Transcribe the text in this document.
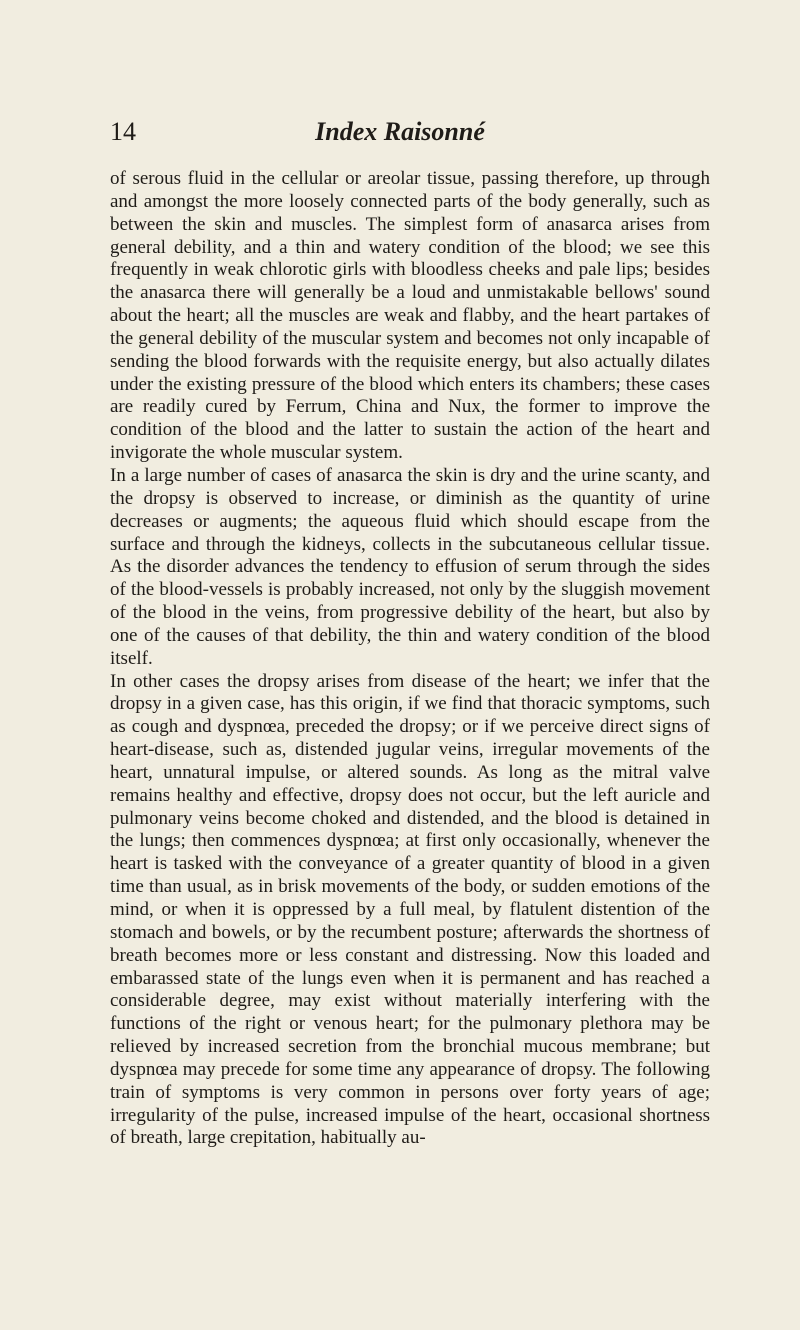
14	Index Raisonné

of serous fluid in the cellular or areolar tissue, passing therefore, up through and amongst the more loosely connected parts of the body generally, such as between the skin and muscles. The simplest form of anasarca arises from general debility, and a thin and watery condition of the blood; we see this frequently in weak chlorotic girls with bloodless cheeks and pale lips; besides the anasarca there will generally be a loud and unmistakable bellows' sound about the heart; all the muscles are weak and flabby, and the heart partakes of the general debility of the muscular system and becomes not only incapable of sending the blood forwards with the requisite energy, but also actually dilates under the existing pressure of the blood which enters its chambers; these cases are readily cured by Ferrum, China and Nux, the former to improve the condition of the blood and the latter to sustain the action of the heart and invigorate the whole muscular system.

In a large number of cases of anasarca the skin is dry and the urine scanty, and the dropsy is observed to increase, or diminish as the quantity of urine decreases or augments; the aqueous fluid which should escape from the surface and through the kidneys, collects in the subcutaneous cellular tissue. As the disorder advances the tendency to effusion of serum through the sides of the blood-vessels is probably increased, not only by the sluggish movement of the blood in the veins, from progressive debility of the heart, but also by one of the causes of that debility, the thin and watery condition of the blood itself.

In other cases the dropsy arises from disease of the heart; we infer that the dropsy in a given case, has this origin, if we find that thoracic symptoms, such as cough and dyspnœa, preceded the dropsy; or if we perceive direct signs of heart-disease, such as, distended jugular veins, irregular movements of the heart, unnatural impulse, or altered sounds. As long as the mitral valve remains healthy and effective, dropsy does not occur, but the left auricle and pulmonary veins become choked and distended, and the blood is detained in the lungs; then commences dyspnœa; at first only occasionally, whenever the heart is tasked with the conveyance of a greater quantity of blood in a given time than usual, as in brisk movements of the body, or sudden emotions of the mind, or when it is oppressed by a full meal, by flatulent distention of the stomach and bowels, or by the recumbent posture; afterwards the shortness of breath becomes more or less constant and distressing. Now this loaded and embarassed state of the lungs even when it is permanent and has reached a considerable degree, may exist without materially interfering with the functions of the right or venous heart; for the pulmonary plethora may be relieved by increased secretion from the bronchial mucous membrane; but dyspnœa may precede for some time any appearance of dropsy. The following train of symptoms is very common in persons over forty years of age; irregularity of the pulse, increased impulse of the heart, occasional shortness of breath, large crepitation, habitually au-
